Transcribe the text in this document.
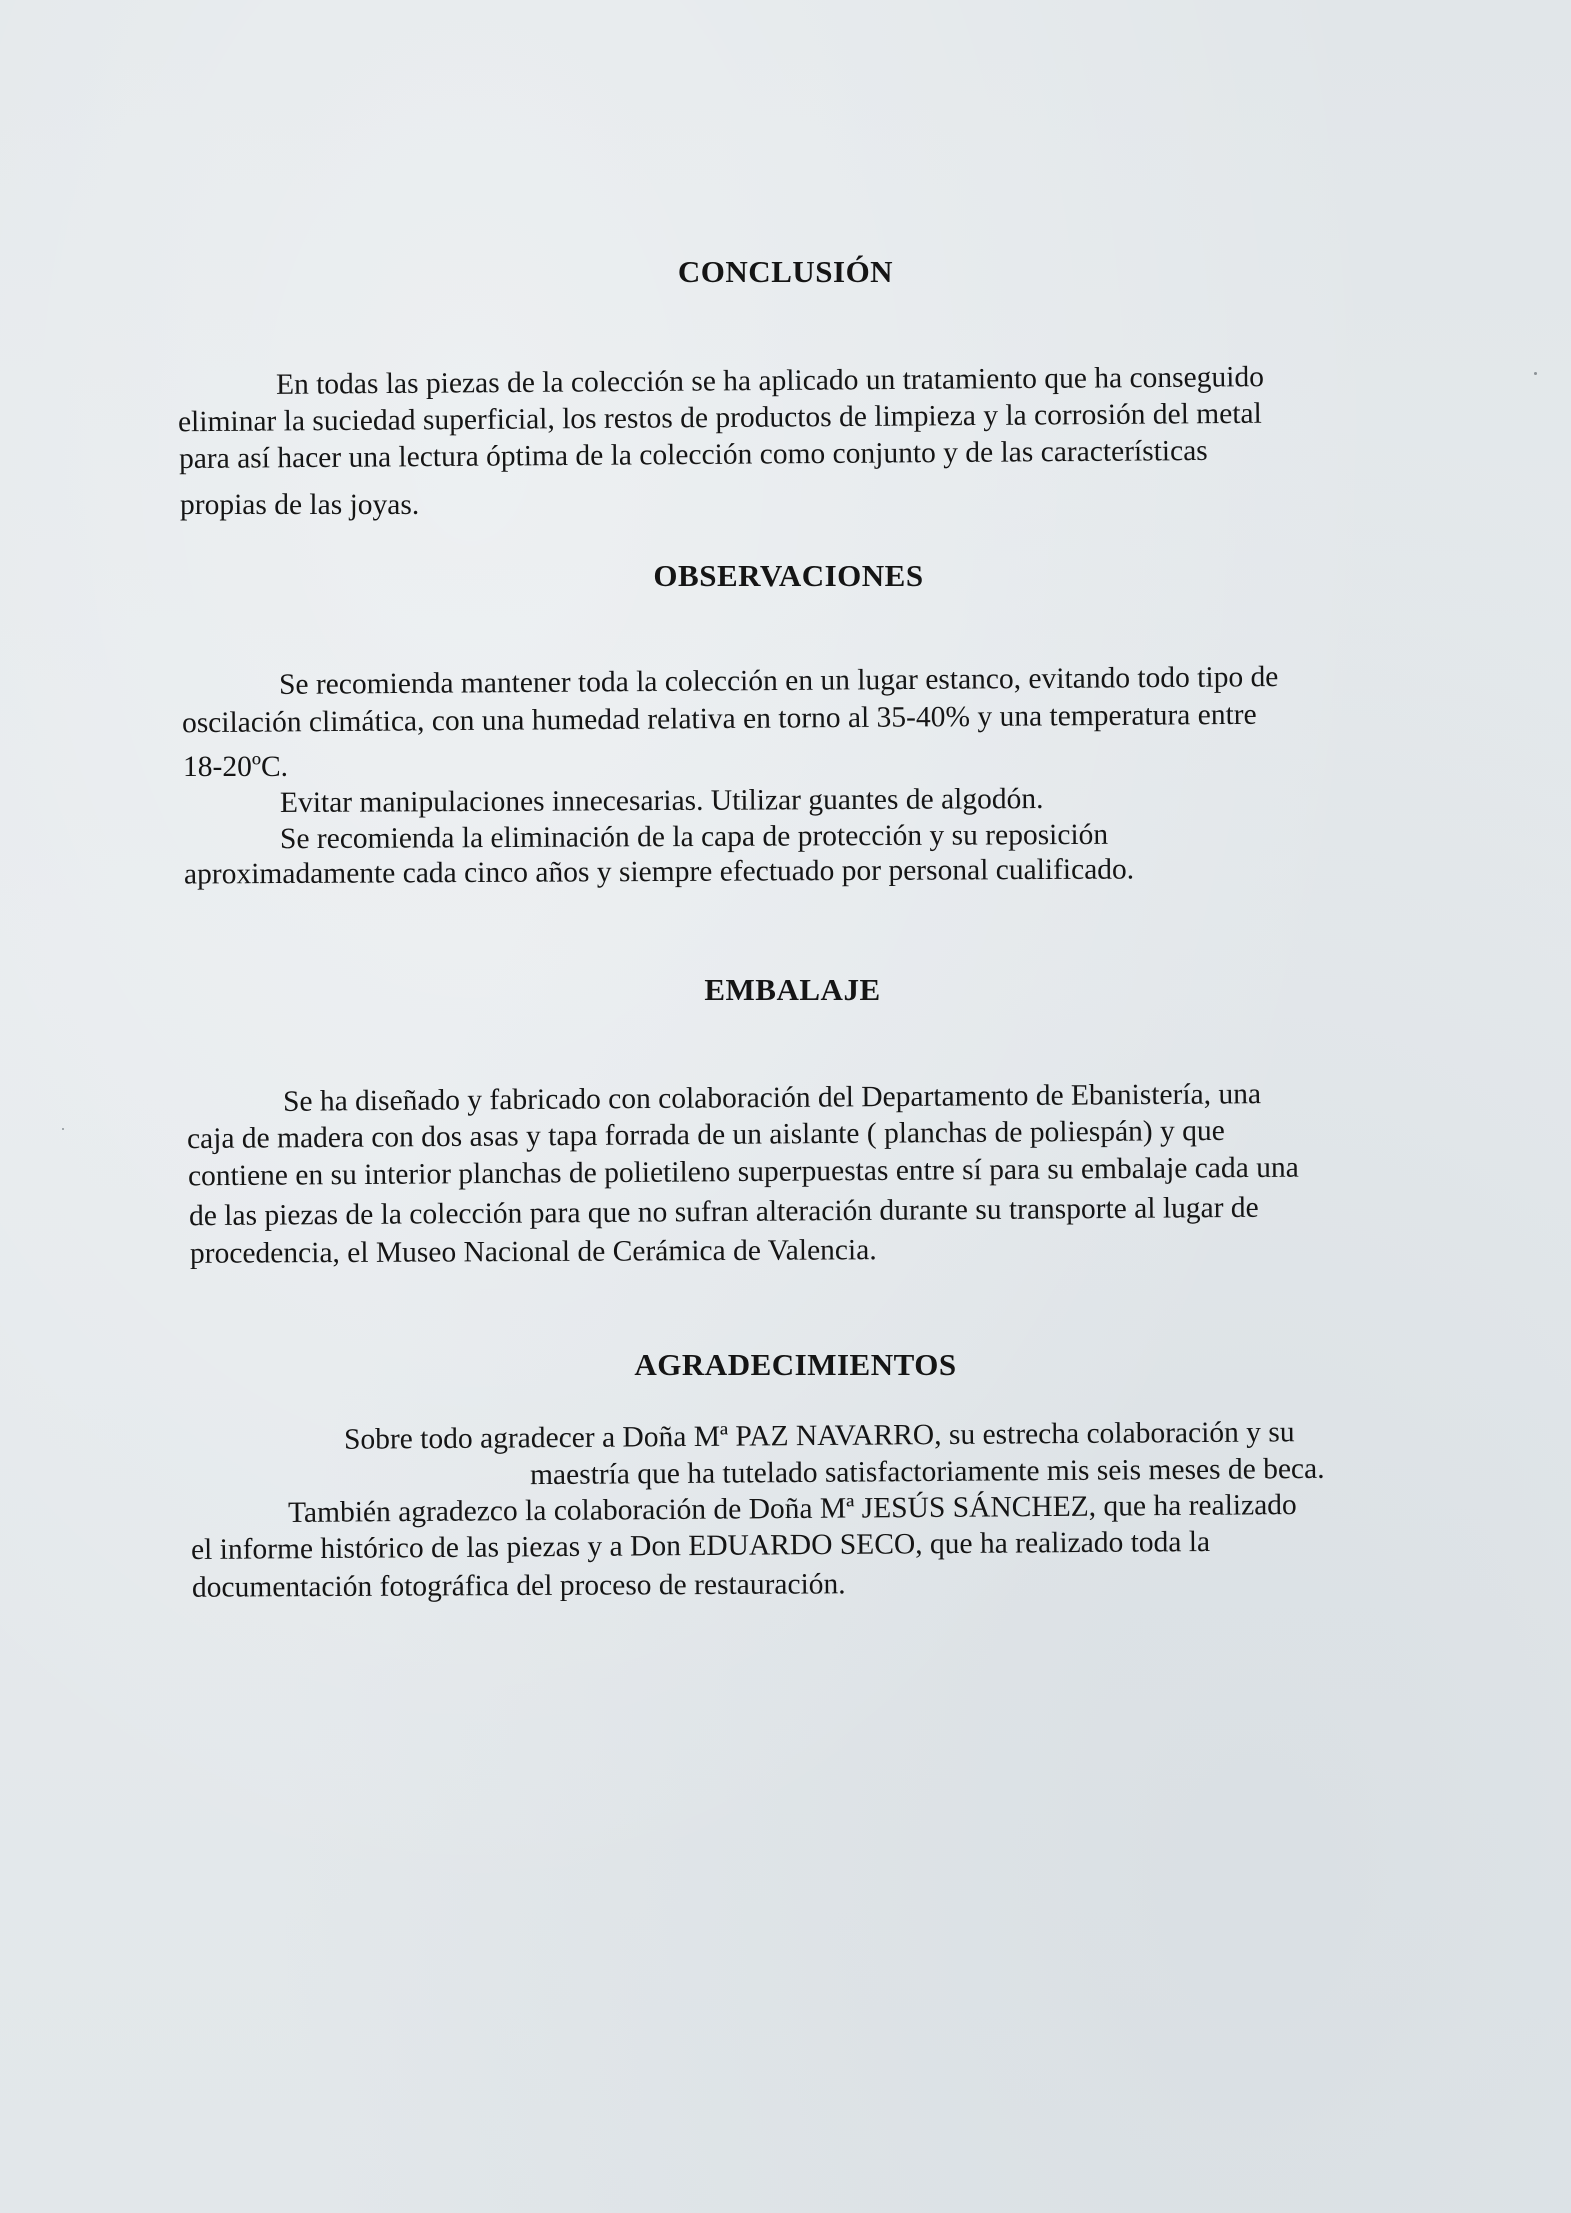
CONCLUSIÓN

En todas las piezas de la colección se ha aplicado un tratamiento que ha conseguido

eliminar la suciedad superficial, los restos de productos de limpieza y la corrosión del metal

para así hacer una lectura óptima de la colección como conjunto y de las características

propias de las joyas.

OBSERVACIONES

Se recomienda mantener toda la colección en un lugar estanco, evitando todo tipo de

oscilación climática, con una humedad relativa en torno al 35-40% y una temperatura entre

18-20ºC.

Evitar manipulaciones innecesarias. Utilizar guantes de algodón.

Se recomienda la eliminación de la capa de protección y su reposición

aproximadamente cada cinco años y siempre efectuado por personal cualificado.

EMBALAJE

Se ha diseñado y fabricado con colaboración del Departamento de Ebanistería, una

caja de madera con dos asas y tapa forrada de un aislante ( planchas de poliespán) y que

contiene en su interior planchas de polietileno superpuestas entre sí para su embalaje cada una

de las piezas de la colección para que no sufran alteración durante su transporte al lugar de

procedencia, el Museo Nacional de Cerámica de Valencia.

AGRADECIMIENTOS

Sobre todo agradecer a Doña Mª PAZ NAVARRO, su estrecha colaboración y su

maestría que ha tutelado satisfactoriamente mis seis meses de beca.

También agradezco la colaboración de Doña Mª JESÚS SÁNCHEZ, que ha realizado

el informe histórico de las piezas y a Don EDUARDO SECO, que ha realizado toda la

documentación fotográfica del proceso de restauración.
